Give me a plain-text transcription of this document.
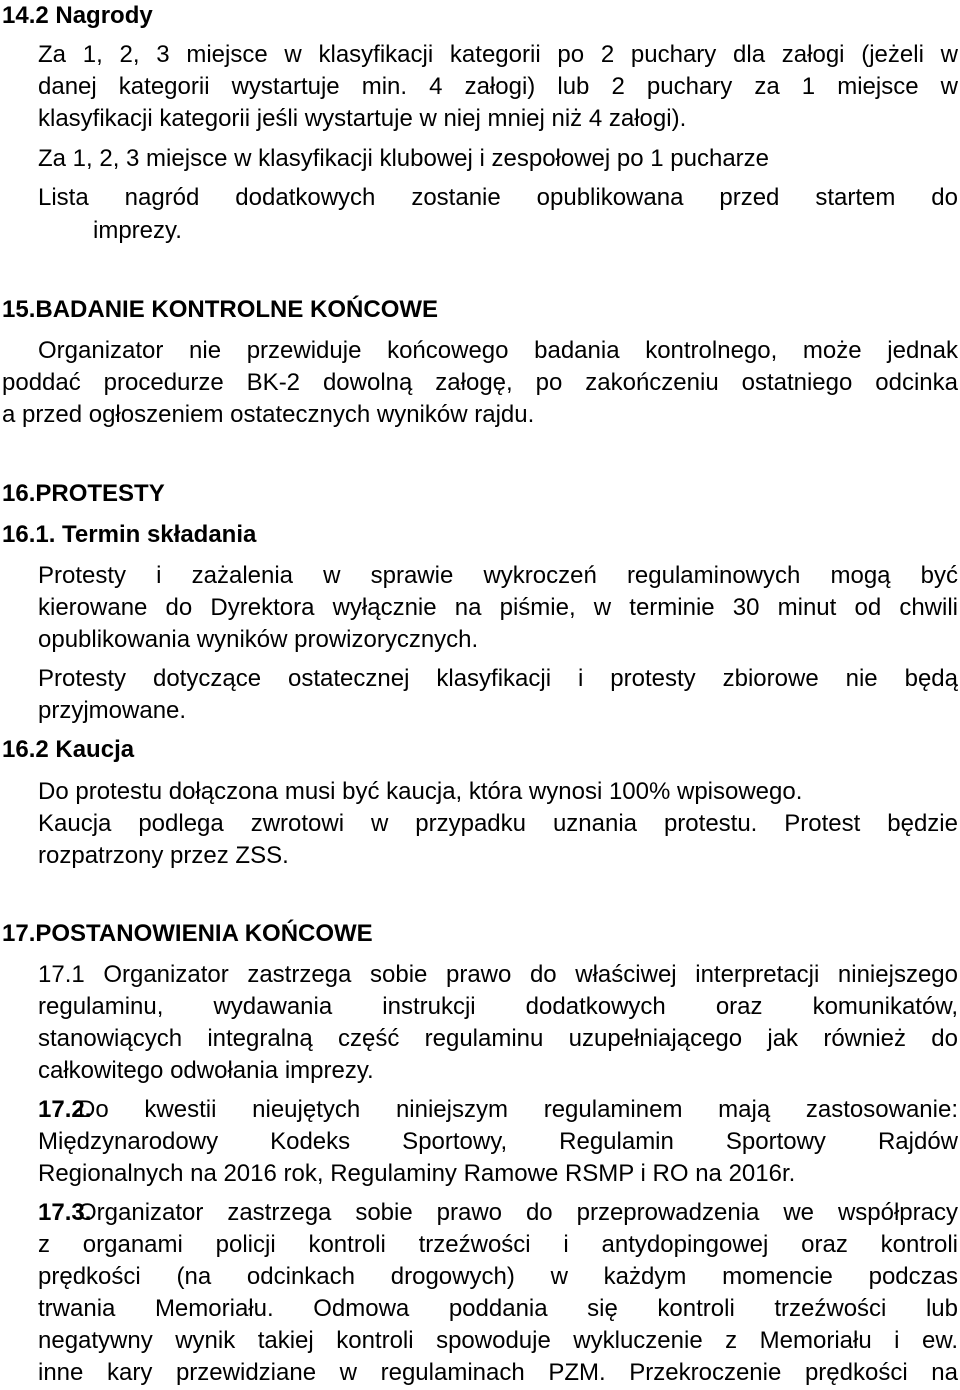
14.2 Nagrody
Za 1, 2, 3 miejsce w klasyfikacji kategorii po 2 puchary dla załogi (jeżeli w
danej kategorii wystartuje min. 4 załogi) lub 2 puchary za 1 miejsce w
klasyfikacji kategorii jeśli wystartuje w niej mniej niż 4 załogi).
Za 1, 2, 3 miejsce w klasyfikacji klubowej i zespołowej po 1 pucharze
Lista nagród dodatkowych zostanie opublikowana przed startem do
imprezy.
15.BADANIE KONTROLNE KOŃCOWE
Organizator nie przewiduje końcowego badania kontrolnego, może jednak
poddać procedurze BK-2 dowolną załogę, po zakończeniu ostatniego odcinka
a przed ogłoszeniem ostatecznych wyników rajdu.
16.PROTESTY
16.1. Termin składania
Protesty i zażalenia w sprawie wykroczeń regulaminowych mogą być
kierowane do Dyrektora wyłącznie na piśmie, w terminie 30 minut od chwili
opublikowania wyników prowizorycznych.
Protesty dotyczące ostatecznej klasyfikacji i protesty zbiorowe nie będą
przyjmowane.
16.2 Kaucja
Do protestu dołączona musi być kaucja, która wynosi 100% wpisowego.
Kaucja podlega zwrotowi w przypadku uznania protestu. Protest będzie
rozpatrzony przez ZSS.
17.POSTANOWIENIA KOŃCOWE
17.1 Organizator zastrzega sobie prawo do właściwej interpretacji niniejszego
regulaminu, wydawania instrukcji dodatkowych oraz komunikatów,
stanowiących integralną część regulaminu uzupełniającego jak również do
całkowitego odwołania imprezy.
17.2.
Do kwestii nieujętych niniejszym regulaminem mają zastosowanie:
Międzynarodowy Kodeks Sportowy, Regulamin Sportowy Rajdów
Regionalnych na 2016 rok, Regulaminy Ramowe RSMP i RO na 2016r.
17.3.
Organizator zastrzega sobie prawo do przeprowadzenia we współpracy
z organami policji kontroli trzeźwości i antydopingowej oraz kontroli
prędkości (na odcinkach drogowych) w każdym momencie podczas
trwania Memoriału. Odmowa poddania się kontroli trzeźwości lub
negatywny wynik takiej kontroli spowoduje wykluczenie z Memoriału i ew.
inne kary przewidziane w regulaminach PZM. Przekroczenie prędkości na
